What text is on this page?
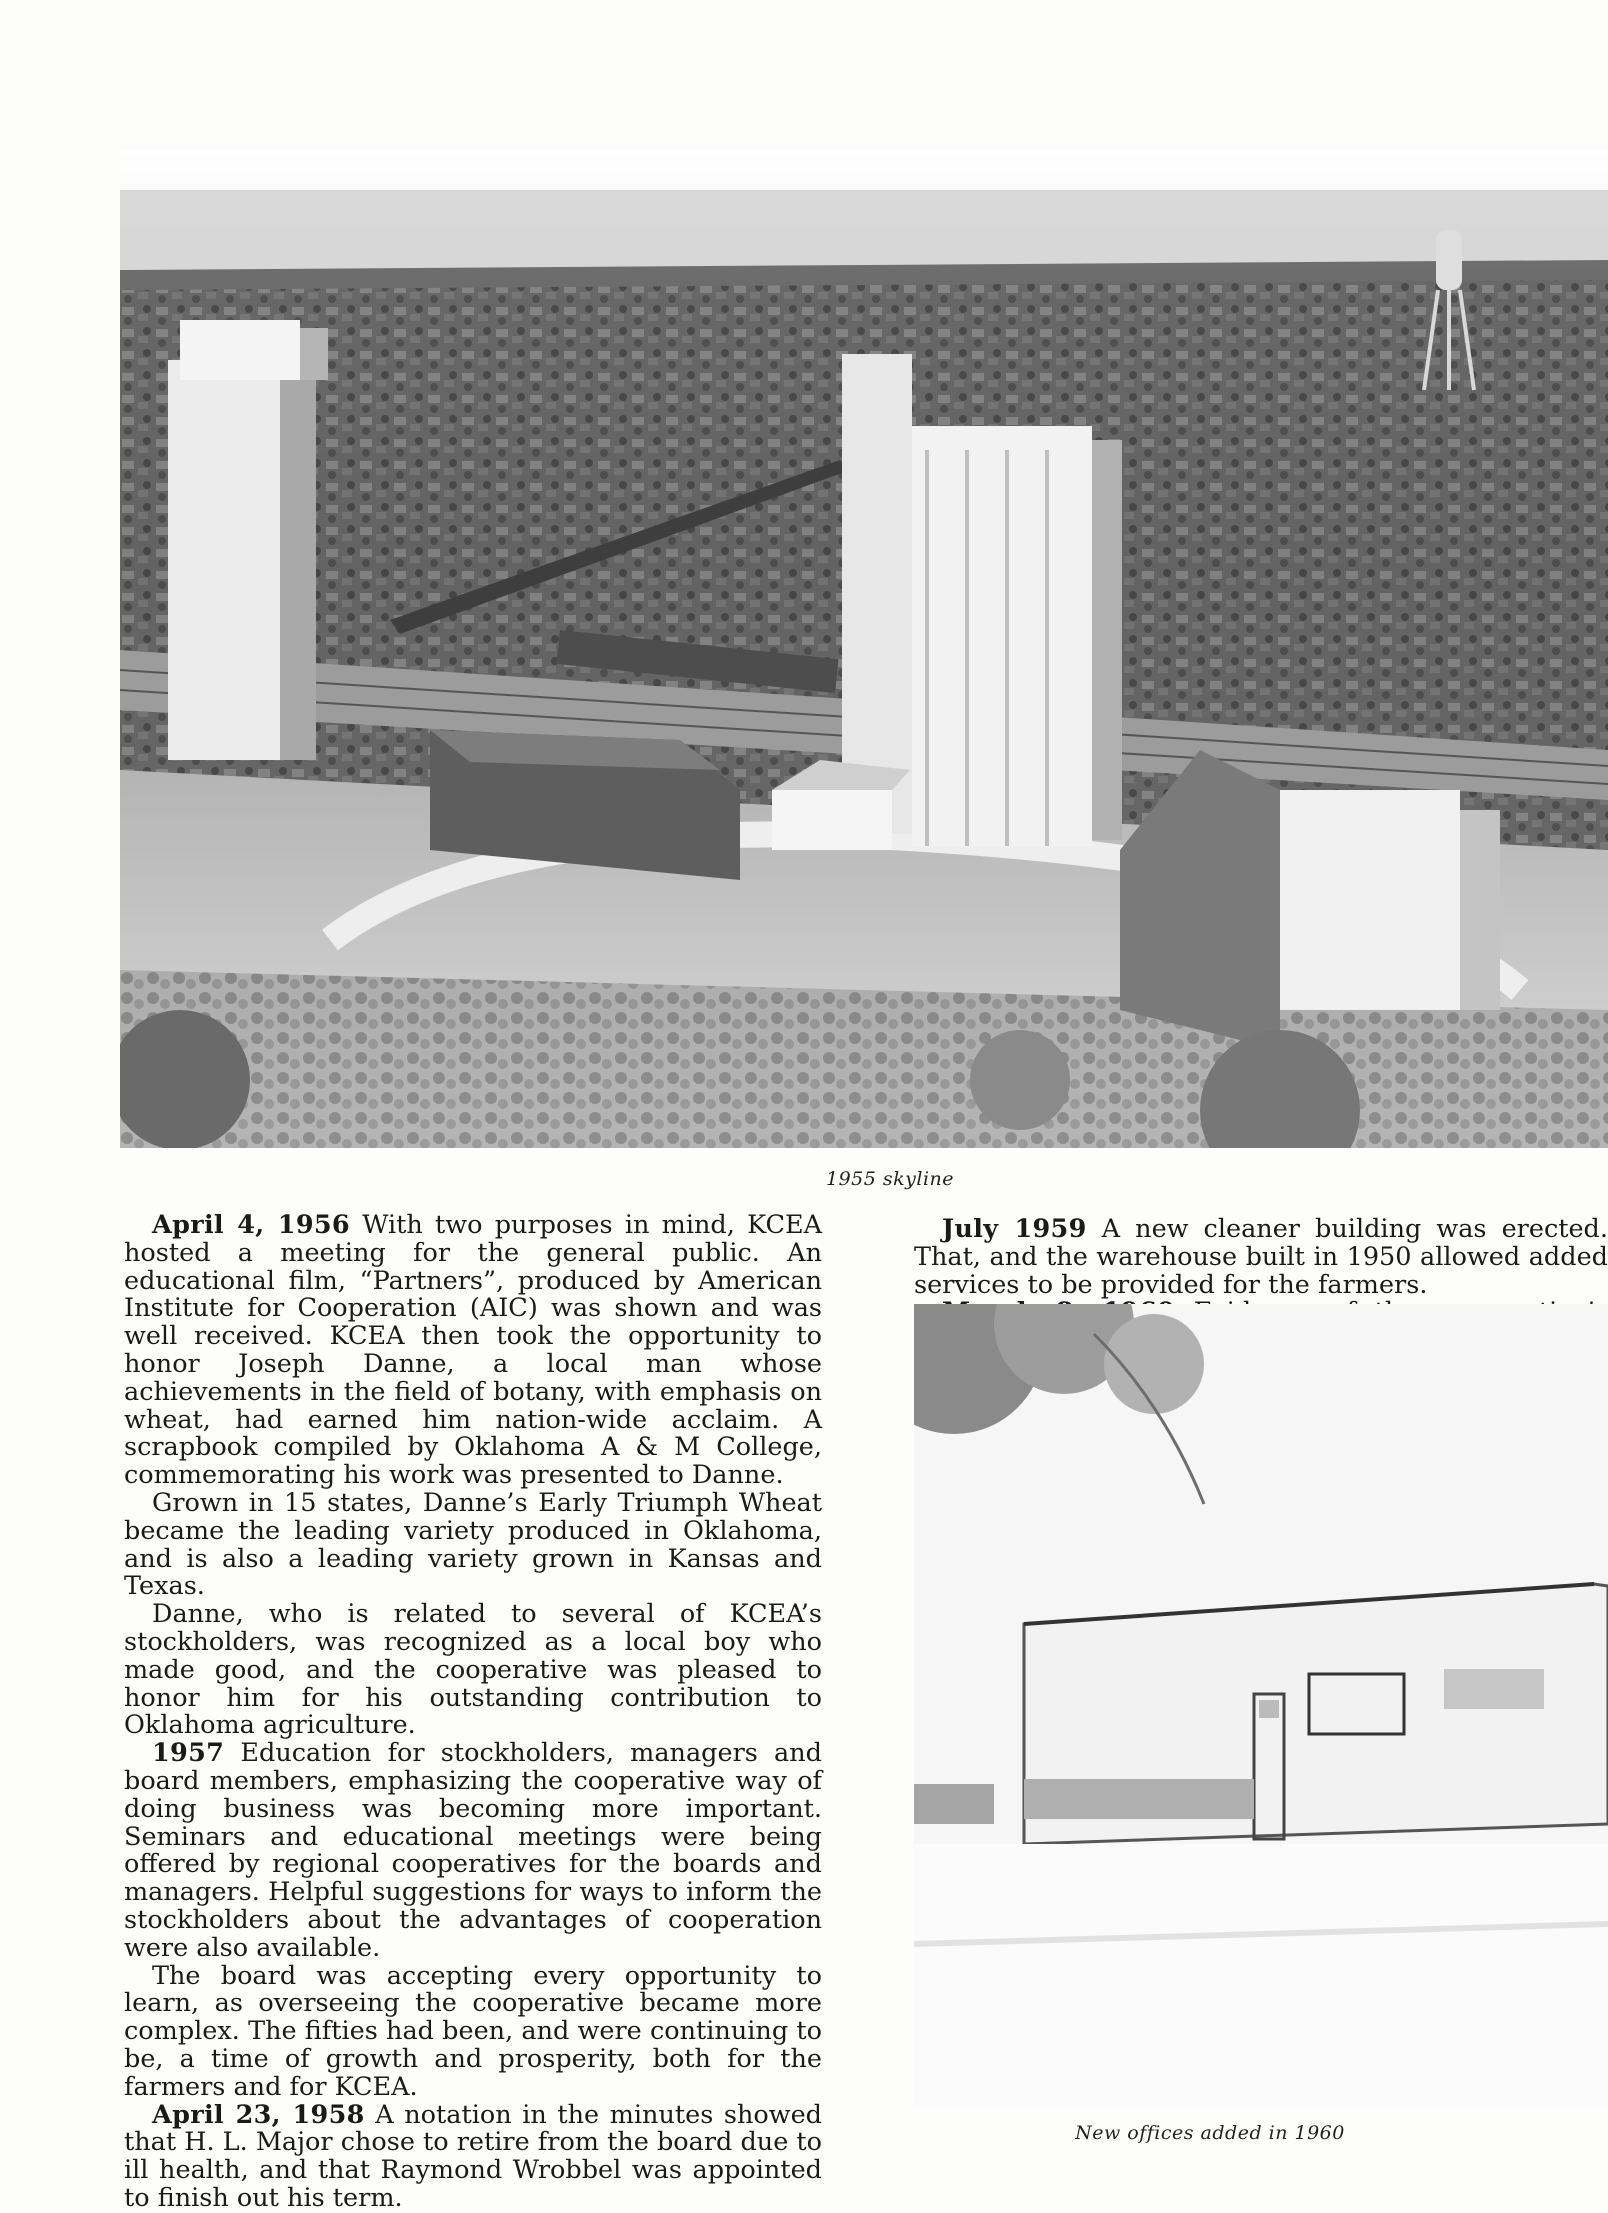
1955 skyline

April 4, 1956 With two purposes in mind, KCEA hosted a meeting for the general public. An educational film, “Partners”, produced by American Institute for Cooperation (AIC) was shown and was well received. KCEA then took the opportunity to honor Joseph Danne, a local man whose achievements in the field of botany, with emphasis on wheat, had earned him nation-wide acclaim. A scrapbook compiled by Oklahoma A & M College, commemorating his work was presented to Danne.

Grown in 15 states, Danne’s Early Triumph Wheat became the leading variety produced in Oklahoma, and is also a leading variety grown in Kansas and Texas.

Danne, who is related to several of KCEA’s stockholders, was recognized as a local boy who made good, and the cooperative was pleased to honor him for his outstanding contribution to Oklahoma agriculture.

1957 Education for stockholders, managers and board members, emphasizing the cooperative way of doing business was becoming more important. Seminars and educational meetings were being offered by regional cooperatives for the boards and managers. Helpful suggestions for ways to inform the stockholders about the advantages of cooperation were also available.

The board was accepting every opportunity to learn, as overseeing the cooperative became more complex. The fifties had been, and were continuing to be, a time of growth and prosperity, both for the farmers and for KCEA.

April 23, 1958 A notation in the minutes showed that H. L. Major chose to retire from the board due to ill health, and that Raymond Wrobbel was appointed to finish out his term.

July 1959 A new cleaner building was erected. That, and the warehouse built in 1950 allowed added services to be provided for the farmers.

New offices added in 1960
